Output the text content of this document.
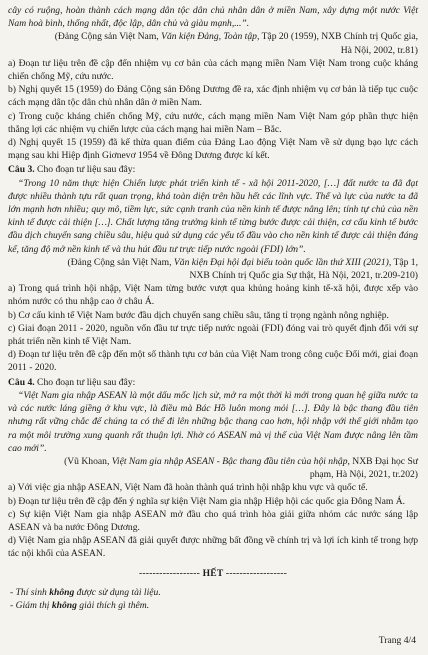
cây có ruộng, hoàn thành cách mạng dân tộc dân chủ nhân dân ở miền Nam, xây dựng một nước Việt Nam hoà bình, thống nhất, độc lập, dân chủ và giàu mạnh,...”.

(Đảng Cộng sản Việt Nam, Văn kiện Đảng, Toàn tập, Tập 20 (1959), NXB Chính trị Quốc gia, Hà Nội, 2002, tr.81)

a) Đoạn tư liệu trên đề cập đến nhiệm vụ cơ bản của cách mạng miền Nam Việt Nam trong cuộc kháng chiến chống Mỹ, cứu nước.

b) Nghị quyết 15 (1959) do Đảng Cộng sản Đông Dương đề ra, xác định nhiệm vụ cơ bản là tiếp tục cuộc cách mạng dân tộc dân chủ nhân dân ở miền Nam.

c) Trong cuộc kháng chiến chống Mỹ, cứu nước, cách mạng miền Nam Việt Nam góp phần thực hiện thắng lợi các nhiệm vụ chiến lược của cách mạng hai miền Nam – Bắc.

d) Nghị quyết 15 (1959) đã kế thừa quan điểm của Đảng Lao động Việt Nam về sử dụng bạo lực cách mạng sau khi Hiệp định Giơnevơ 1954 về Đông Dương được kí kết.

Câu 3. Cho đoạn tư liệu sau đây:

“Trong 10 năm thực hiện Chiến lược phát triển kinh tế - xã hội 2011-2020, […] đất nước ta đã đạt được nhiều thành tựu rất quan trọng, khá toàn diện trên hầu hết các lĩnh vực. Thế và lực của nước ta đã lớn mạnh hơn nhiều; quy mô, tiềm lực, sức cạnh tranh của nền kinh tế được nâng lên; tính tự chủ của nền kinh tế được cải thiện […]. Chất lượng tăng trưởng kinh tế từng bước được cải thiện, cơ cấu kinh tế bước đầu dịch chuyển sang chiều sâu, hiệu quả sử dụng các yếu tố đầu vào cho nền kinh tế được cải thiện đáng kể, tăng độ mở nền kinh tế và thu hút đầu tư trực tiếp nước ngoài (FDI) lớn”.

(Đảng Cộng sản Việt Nam, Văn kiện Đại hội đại biểu toàn quốc lần thứ XIII (2021), Tập 1, NXB Chính trị Quốc gia Sự thật, Hà Nội, 2021, tr.209-210)

a) Trong quá trình hội nhập, Việt Nam từng bước vượt qua khủng hoảng kinh tế-xã hội, được xếp vào nhóm nước có thu nhập cao ở châu Á.

b) Cơ cấu kinh tế Việt Nam bước đầu dịch chuyển sang chiều sâu, tăng tỉ trọng ngành nông nghiệp.

c) Giai đoạn 2011 - 2020, nguồn vốn đầu tư trực tiếp nước ngoài (FDI) đóng vai trò quyết định đối với sự phát triển nền kinh tế Việt Nam.

d) Đoạn tư liệu trên đề cập đến một số thành tựu cơ bản của Việt Nam trong công cuộc Đổi mới, giai đoạn 2011 - 2020.

Câu 4. Cho đoạn tư liệu sau đây:

“Việt Nam gia nhập ASEAN là một dấu mốc lịch sử, mở ra một thời kì mới trong quan hệ giữa nước ta và các nước láng giềng ở khu vực, là điều mà Bác Hồ luôn mong mỏi […]. Đây là bậc thang đầu tiên nhưng rất vững chắc để chúng ta có thể đi lên những bậc thang cao hơn, hội nhập với thế giới nhằm tạo ra một môi trường xung quanh rất thuận lợi. Nhờ có ASEAN mà vị thế của Việt Nam được nâng lên tầm cao mới”.

(Vũ Khoan, Việt Nam gia nhập ASEAN - Bậc thang đầu tiên của hội nhập, NXB Đại học Sư phạm, Hà Nội, 2021, tr.202)

a) Với việc gia nhập ASEAN, Việt Nam đã hoàn thành quá trình hội nhập khu vực và quốc tế.

b) Đoạn tư liệu trên đề cập đến ý nghĩa sự kiện Việt Nam gia nhập Hiệp hội các quốc gia Đông Nam Á.

c) Sự kiện Việt Nam gia nhập ASEAN mở đầu cho quá trình hòa giải giữa nhóm các nước sáng lập ASEAN và ba nước Đông Dương.

d) Việt Nam gia nhập ASEAN đã giải quyết được những bất đồng về chính trị và lợi ích kinh tế trong hợp tác nội khối của ASEAN.

------------------ HẾT ------------------

- Thí sinh không được sử dụng tài liệu.

- Giám thị không giải thích gì thêm.

Trang 4/4
